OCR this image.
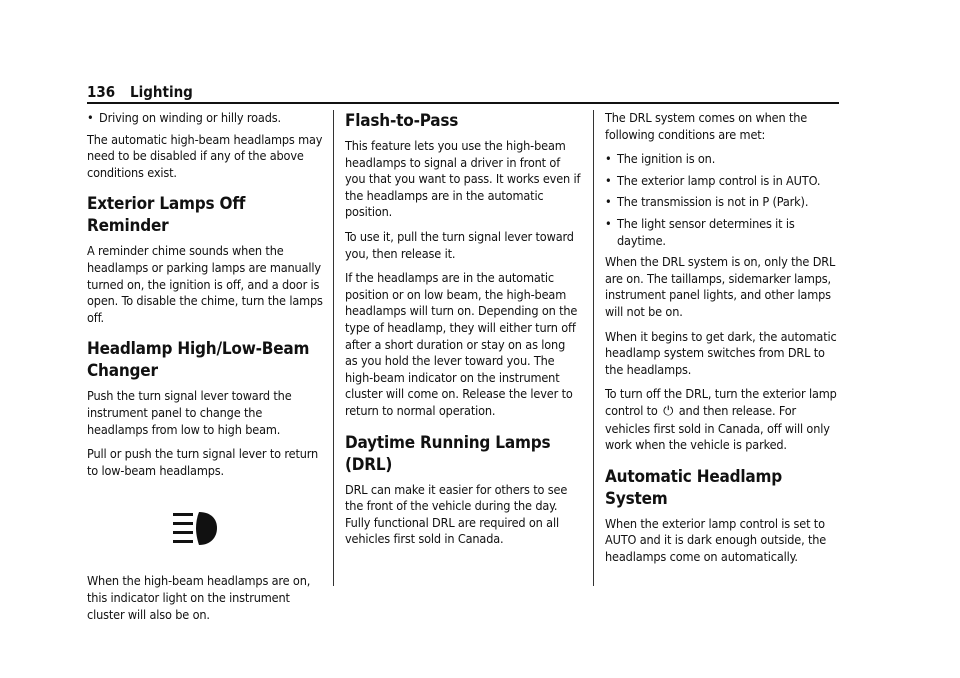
136 Lighting
• Driving on winding or hilly roads.

The automatic high-beam headlamps may need to be disabled if any of the above conditions exist.

Exterior Lamps Off Reminder

A reminder chime sounds when the headlamps or parking lamps are manually turned on, the ignition is off, and a door is open. To disable the chime, turn the lamps off.

Headlamp High/Low-Beam Changer

Push the turn signal lever toward the instrument panel to change the headlamps from low to high beam.

Pull or push the turn signal lever to return to low-beam headlamps.

When the high-beam headlamps are on, this indicator light on the instrument cluster will also be on.

Flash-to-Pass

This feature lets you use the high-beam headlamps to signal a driver in front of you that you want to pass. It works even if the headlamps are in the automatic position.

To use it, pull the turn signal lever toward you, then release it.

If the headlamps are in the automatic position or on low beam, the high-beam headlamps will turn on. Depending on the type of headlamp, they will either turn off after a short duration or stay on as long as you hold the lever toward you. The high-beam indicator on the instrument cluster will come on. Release the lever to return to normal operation.

Daytime Running Lamps (DRL)

DRL can make it easier for others to see the front of the vehicle during the day. Fully functional DRL are required on all vehicles first sold in Canada.

The DRL system comes on when the following conditions are met:

• The ignition is on.
• The exterior lamp control is in AUTO.
• The transmission is not in P (Park).
• The light sensor determines it is daytime.

When the DRL system is on, only the DRL are on. The taillamps, sidemarker lamps, instrument panel lights, and other lamps will not be on.

When it begins to get dark, the automatic headlamp system switches from DRL to the headlamps.

To turn off the DRL, turn the exterior lamp control to ⏻ and then release. For vehicles first sold in Canada, off will only work when the vehicle is parked.

Automatic Headlamp System

When the exterior lamp control is set to AUTO and it is dark enough outside, the headlamps come on automatically.
